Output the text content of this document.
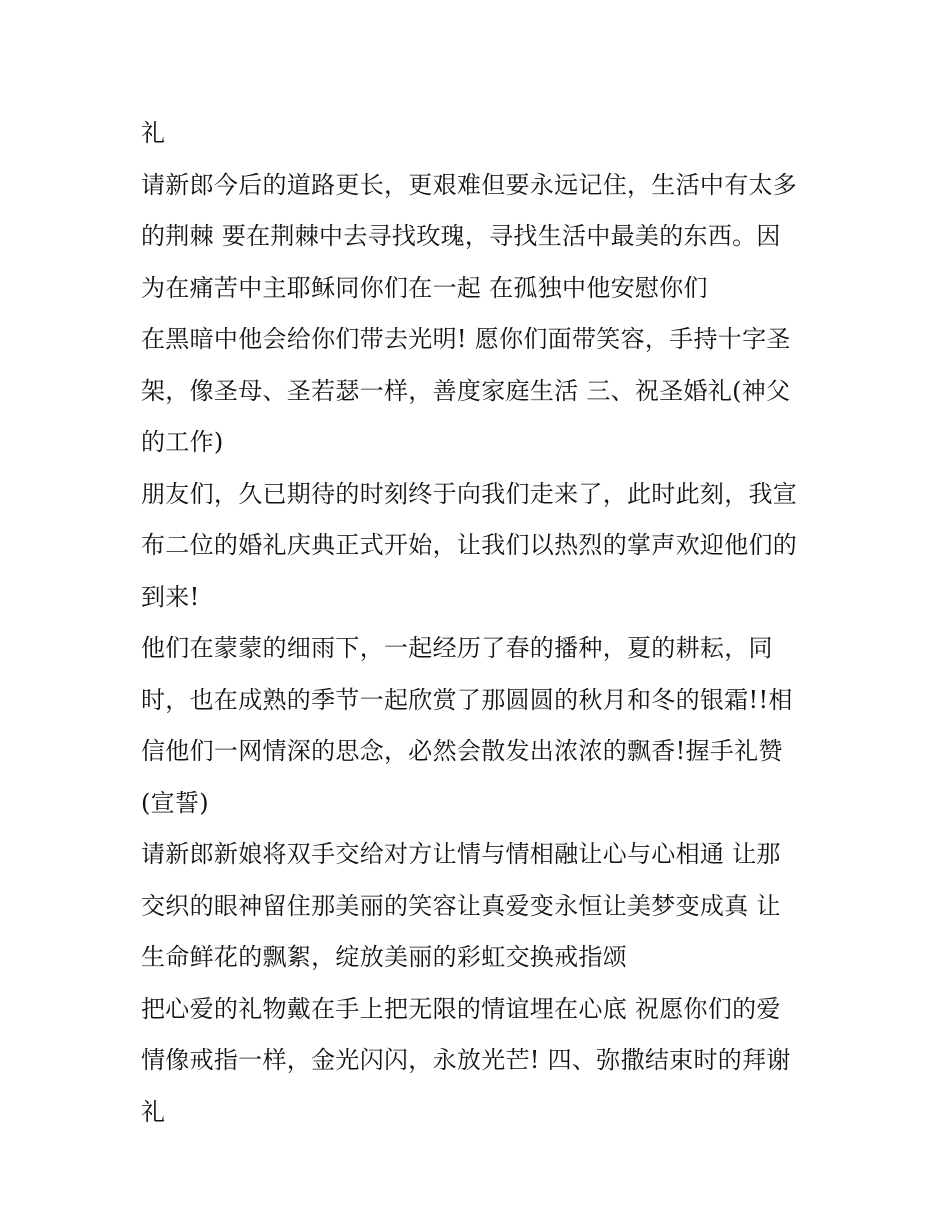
礼
请新郎今后的道路更长，更艰难但要永远记住，生活中有太多
的荆棘 要在荆棘中去寻找玫瑰，寻找生活中最美的东西。因
为在痛苦中主耶稣同你们在一起 在孤独中他安慰你们
在黑暗中他会给你们带去光明! 愿你们面带笑容，手持十字圣
架，像圣母、圣若瑟一样，善度家庭生活 三、祝圣婚礼(神父
的工作)
朋友们，久已期待的时刻终于向我们走来了，此时此刻，我宣
布二位的婚礼庆典正式开始，让我们以热烈的掌声欢迎他们的
到来!
他们在蒙蒙的细雨下，一起经历了春的播种，夏的耕耘，同
时，也在成熟的季节一起欣赏了那圆圆的秋月和冬的银霜!!相
信他们一网情深的思念，必然会散发出浓浓的飘香!握手礼赞
(宣誓)
请新郎新娘将双手交给对方让情与情相融让心与心相通 让那
交织的眼神留住那美丽的笑容让真爱变永恒让美梦变成真 让
生命鲜花的飘絮，绽放美丽的彩虹交换戒指颂
把心爱的礼物戴在手上把无限的情谊埋在心底 祝愿你们的爱
情像戒指一样，金光闪闪，永放光芒! 四、弥撒结束时的拜谢
礼
